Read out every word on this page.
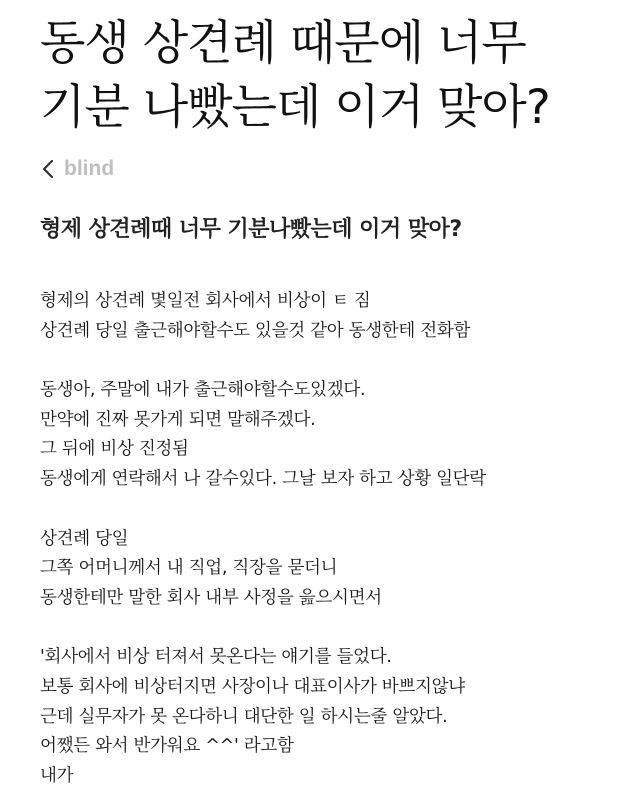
동생 상견례 때문에 너무
기분 나빴는데 이거 맞아?
blind
형제 상견례때 너무 기분나빴는데 이거 맞아?
형제의 상견례 몇일전 회사에서 비상이 ㅌ 짐
상견례 당일 출근해야할수도 있을것 같아 동생한테 전화함
동생아, 주말에 내가 출근해야할수도있겠다.
만약에 진짜 못가게 되면 말해주겠다.
그 뒤에 비상 진정됨
동생에게 연락해서 나 갈수있다. 그날 보자 하고 상황 일단락
상견례 당일
그쪽 어머니께서 내 직업, 직장을 묻더니
동생한테만 말한 회사 내부 사정을 읊으시면서
'회사에서 비상 터져서 못온다는 얘기를 들었다.
보통 회사에 비상터지면 사장이나 대표이사가 바쁘지않냐
근데 실무자가 못 온다하니 대단한 일 하시는줄 알았다.
어쨌든 와서 반가워요 ^^' 라고함
내가
